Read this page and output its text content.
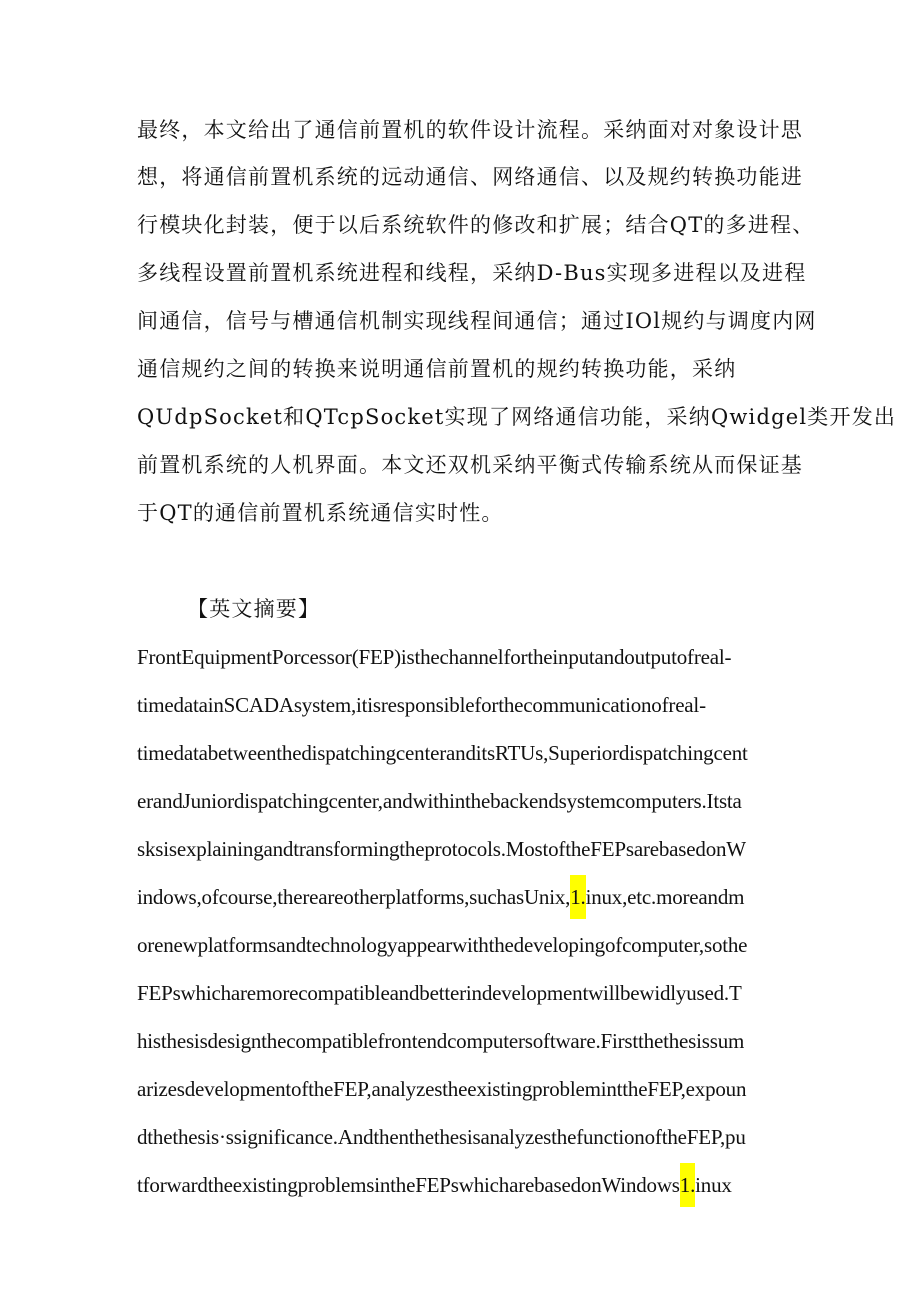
最终，本文给出了通信前置机的软件设计流程。采纳面对对象设计思
想，将通信前置机系统的远动通信、网络通信、以及规约转换功能进
行模块化封装，便于以后系统软件的修改和扩展；结合QT的多进程、
多线程设置前置机系统进程和线程，采纳D-Bus实现多进程以及进程
间通信，信号与槽通信机制实现线程间通信；通过IOl规约与调度内网
通信规约之间的转换来说明通信前置机的规约转换功能，采纳
QUdpSocket和QTcpSocket实现了网络通信功能，采纳Qwidgel类开发出
前置机系统的人机界面。本文还双机采纳平衡式传输系统从而保证基
于QT的通信前置机系统通信实时性。
【英文摘要】
FrontEquipmentPorcessor(FEP)isthechannelfortheinputandoutputofreal-
timedatainSCADAsystem,itisresponsibleforthecommunicationofreal-
timedatabetweenthedispatchingcenteranditsRTUs,Superiordispatchingcent
erandJuniordispatchingcenter,andwithinthebackendsystemcomputers.Itsta
sksisexplainingandtransformingtheprotocols.MostoftheFEPsarebasedonW
indows,ofcourse,thereareotherplatforms,suchasUnix,1.inux,etc.moreandm
orenewplatformsandtechnologyappearwiththedevelopingofcomputer,sothe
FEPswhicharemorecompatibleandbetterindevelopmentwillbewidlyused.T
histhesisdesignthecompatiblefrontendcomputersoftware.Firstthethesissum
arizesdevelopmentoftheFEP,analyzestheexistingprobleminttheFEP,expoun
dthethesis·ssignificance.AndthenthethesisanalyzesthefunctionoftheFEP,pu
tforwardtheexistingproblemsintheFEPswhicharebasedonWindows1.inux
